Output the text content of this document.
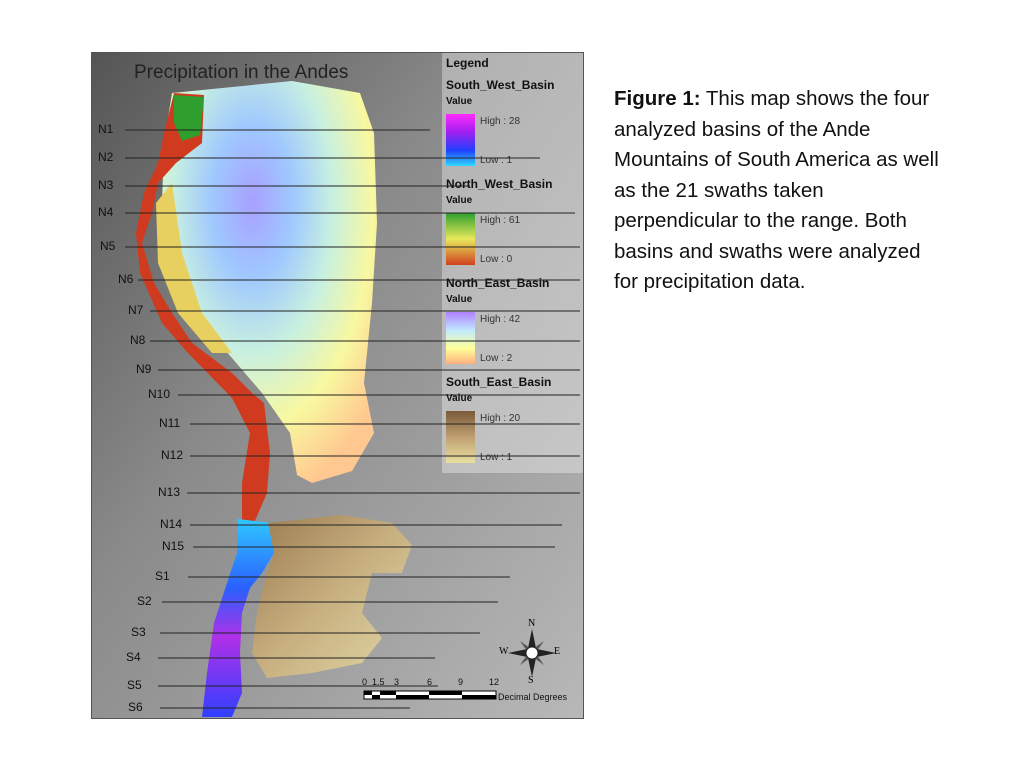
Precipitation in the Andes	Legend
South_West_Basin
Value
High : 28
Low : 1
North_West_Basin
Value
High : 61
Low : 0
North_East_Basin
Value
High : 42
Low : 2
South_East_Basin
Value
High : 20
Low : 1
0 1.5 3	6	9	12
Decimal Degrees
N
S
E
W
N1
N2
N3
N4
N5
N6
N7
N8
N9
N10
N11
N12
N13
N14
N15
S1
S2
S3
S4
S5
S6
Figure 1: This map shows the four analyzed basins of the Ande Mountains of South America as well as the 21 swaths taken perpendicular to the range. Both basins and swaths were analyzed for precipitation data.
